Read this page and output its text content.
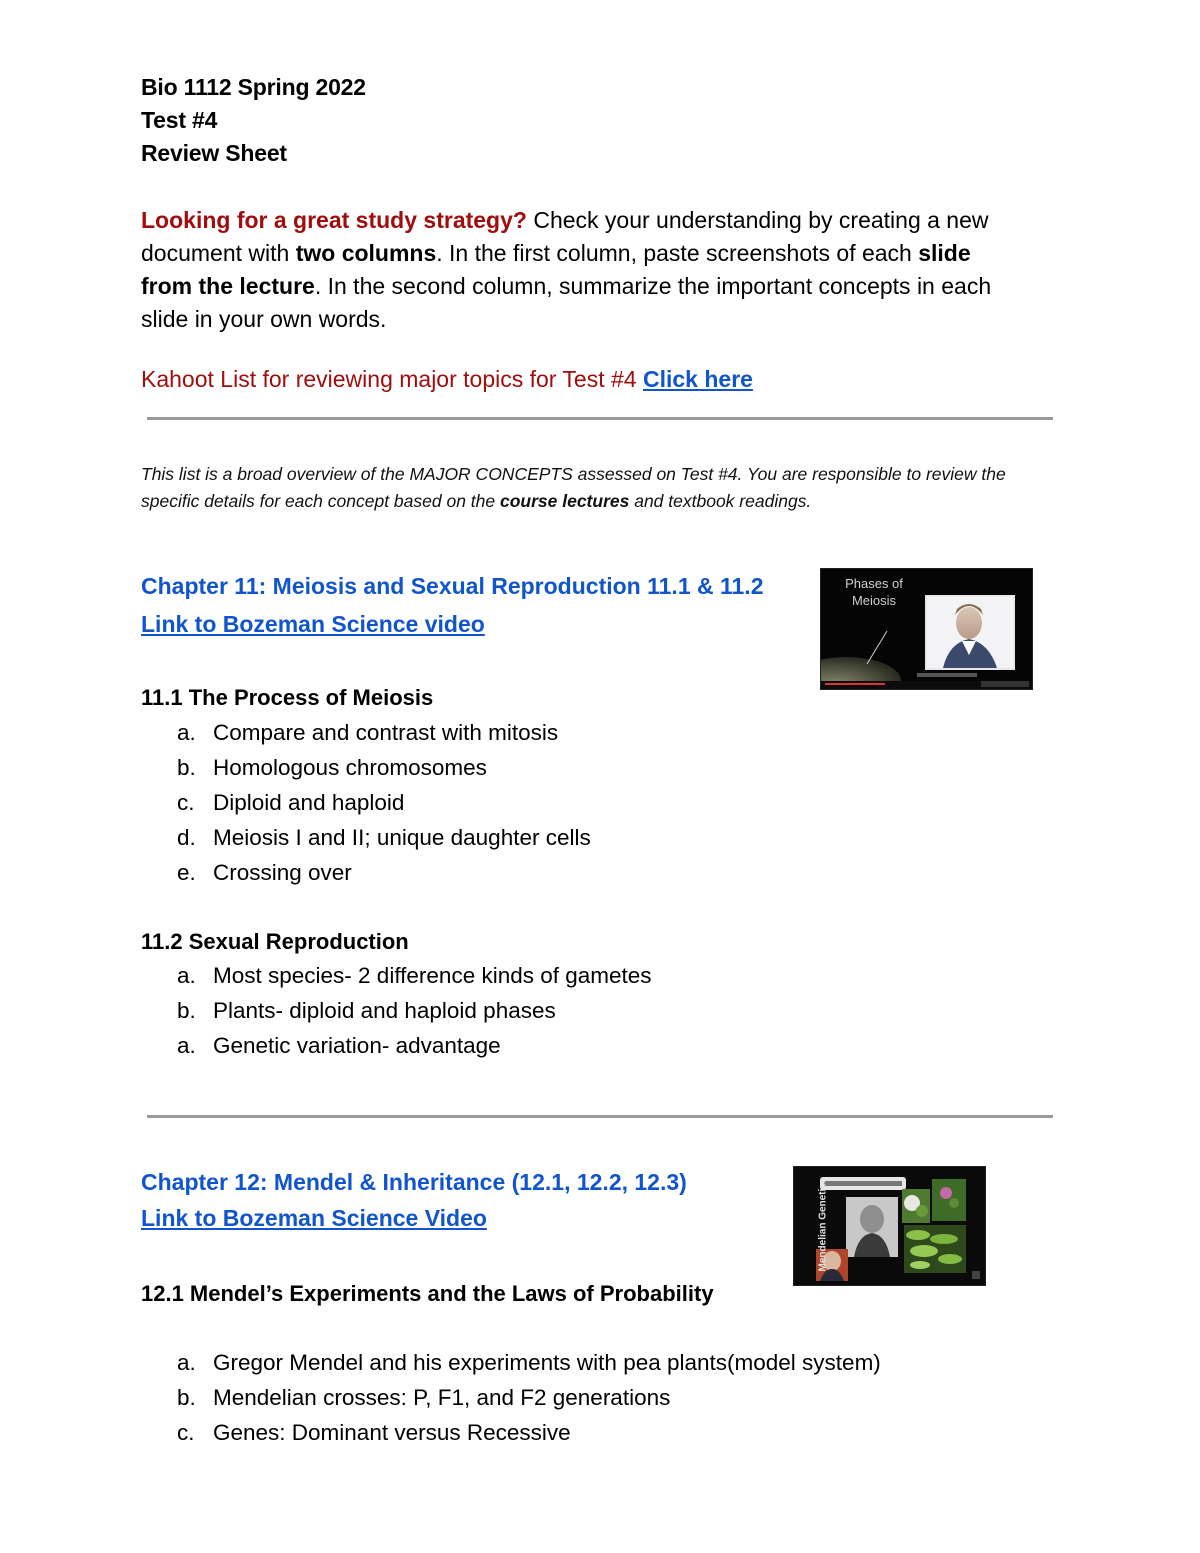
Bio 1112 Spring 2022
Test #4
Review Sheet
Looking for a great study strategy? Check your understanding by creating a new
document with two columns. In the first column, paste screenshots of each slide
from the lecture. In the second column, summarize the important concepts in each
slide in your own words.
Kahoot List for reviewing major topics for Test #4 Click here
This list is a broad overview of the MAJOR CONCEPTS assessed on Test #4. You are responsible to review the
specific details for each concept based on the course lectures and textbook readings.
Chapter 11: Meiosis and Sexual Reproduction 11.1 & 11.2
Link to Bozeman Science video
Phases of Meiosis
11.1 The Process of Meiosis
a. Compare and contrast with mitosis
b. Homologous chromosomes
c. Diploid and haploid
d. Meiosis I and II; unique daughter cells
e. Crossing over
11.2 Sexual Reproduction
a. Most species- 2 difference kinds of gametes
b. Plants- diploid and haploid phases
a. Genetic variation- advantage
Chapter 12: Mendel & Inheritance (12.1, 12.2, 12.3)
Link to Bozeman Science Video	Mendelian Genetics
12.1 Mendel’s Experiments and the Laws of Probability
a. Gregor Mendel and his experiments with pea plants(model system)
b. Mendelian crosses: P, F1, and F2 generations
c. Genes: Dominant versus Recessive
